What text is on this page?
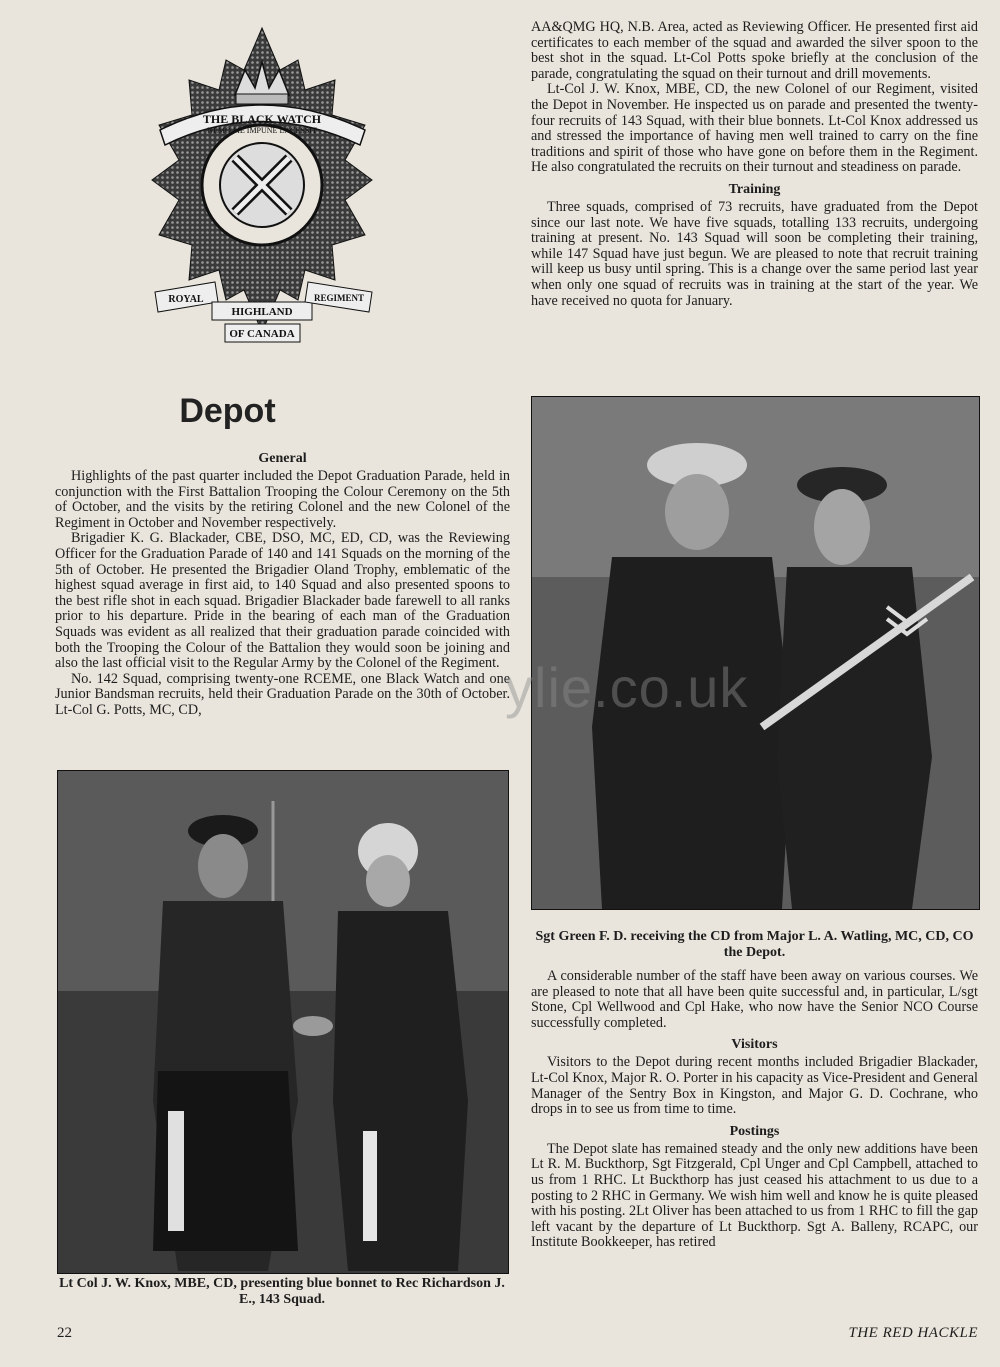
THE BLACK WATCH
NEMO ME IMPUNE LACESSIT
ROYAL
HIGHLAND
REGIMENT
OF CANADA
Depot
General

Highlights of the past quarter included the Depot Graduation Parade, held in conjunction with the First Battalion Trooping the Colour Ceremony on the 5th of October, and the visits by the retiring Colonel and the new Colonel of the Regiment in October and November respectively.

Brigadier K. G. Blackader, CBE, DSO, MC, ED, CD, was the Reviewing Officer for the Graduation Parade of 140 and 141 Squads on the morning of the 5th of October. He presented the Brigadier Oland Trophy, emblematic of the highest squad average in first aid, to 140 Squad and also presented spoons to the best rifle shot in each squad. Brigadier Blackader bade farewell to all ranks prior to his departure. Pride in the bearing of each man of the Graduation Squads was evident as all realized that their graduation parade coincided with both the Trooping the Colour of the Battalion they would soon be joining and also the last official visit to the Regular Army by the Colonel of the Regiment.

No. 142 Squad, comprising twenty-one RCEME, one Black Watch and one Junior Bandsman recruits, held their Graduation Parade on the 30th of October. Lt-Col G. Potts, MC, CD,

Lt Col J. W. Knox, MBE, CD, presenting blue bonnet to Rec Richardson J. E., 143 Squad.

AA&QMG HQ, N.B. Area, acted as Reviewing Officer. He presented first aid certificates to each member of the squad and awarded the silver spoon to the best shot in the squad. Lt-Col Potts spoke briefly at the conclusion of the parade, congratulating the squad on their turnout and drill movements.

Lt-Col J. W. Knox, MBE, CD, the new Colonel of our Regiment, visited the Depot in November. He inspected us on parade and presented the twenty-four recruits of 143 Squad, with their blue bonnets. Lt-Col Knox addressed us and stressed the importance of having men well trained to carry on the fine traditions and spirit of those who have gone on before them in the Regiment. He also congratulated the recruits on their turnout and steadiness on parade.

Training

Three squads, comprised of 73 recruits, have graduated from the Depot since our last note. We have five squads, totalling 133 recruits, undergoing training at present. No. 143 Squad will soon be completing their training, while 147 Squad have just begun. We are pleased to note that recruit training will keep us busy until spring. This is a change over the same period last year when only one squad of recruits was in training at the start of the year. We have received no quota for January.

Sgt Green F. D. receiving the CD from Major L. A. Watling, MC, CD, CO the Depot.

A considerable number of the staff have been away on various courses. We are pleased to note that all have been quite successful and, in particular, L/sgt Stone, Cpl Wellwood and Cpl Hake, who now have the Senior NCO Course successfully completed.

Visitors

Visitors to the Depot during recent months included Brigadier Blackader, Lt-Col Knox, Major R. O. Porter in his capacity as Vice-President and General Manager of the Sentry Box in Kingston, and Major G. D. Cochrane, who drops in to see us from time to time.

Postings

The Depot slate has remained steady and the only new additions have been Lt R. M. Buckthorp, Sgt Fitzgerald, Cpl Unger and Cpl Campbell, attached to us from 1 RHC. Lt Buckthorp has just ceased his attachment to us due to a posting to 2 RHC in Germany. We wish him well and know he is quite pleased with his posting. 2Lt Oliver has been attached to us from 1 RHC to fill the gap left vacant by the departure of Lt Buckthorp. Sgt A. Balleny, RCAPC, our Institute Bookkeeper, has retired

ylie.co.uk
22	THE RED HACKLE
